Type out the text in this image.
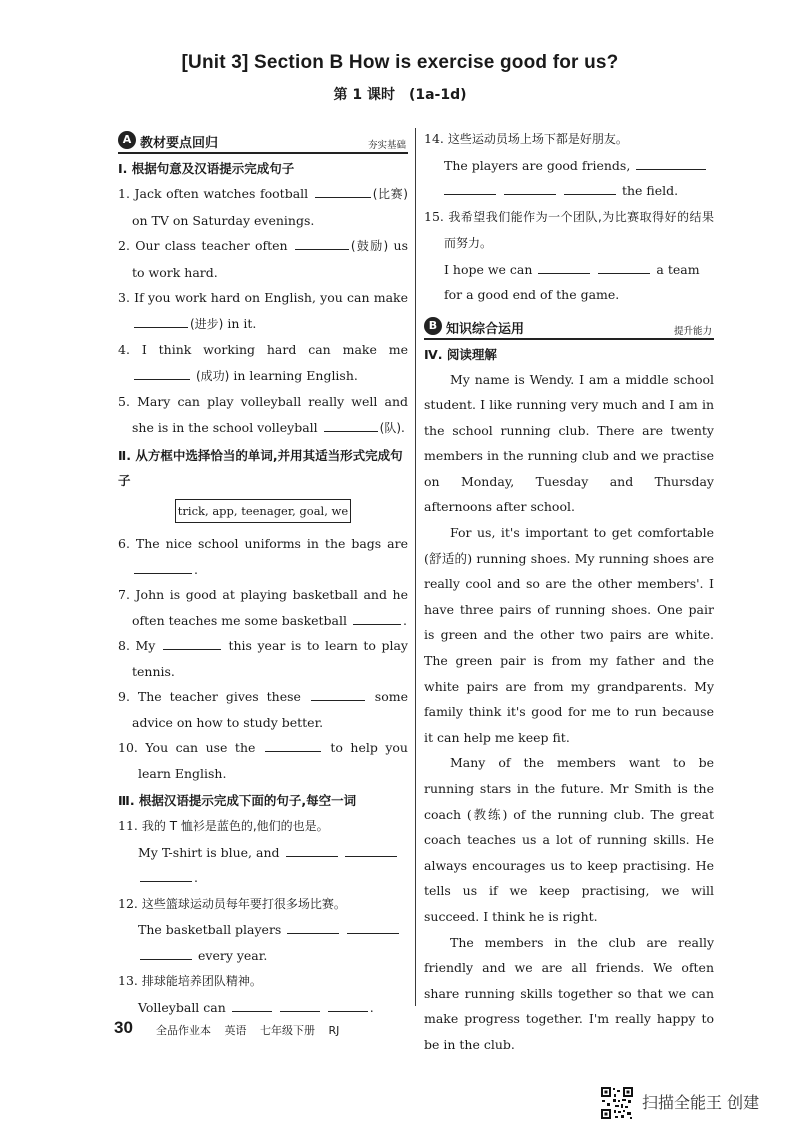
[Unit 3] Section B How is exercise good for us?
第 1 课时　(1a-1d)
A 教材要点回归	夯实基础
Ⅰ. 根据句意及汉语提示完成句子
1. Jack often watches football	(比赛) on TV on Saturday evenings.
2. Our class teacher often	(鼓励) us to work hard.
3. If you work hard on English, you can make (进步) in it.
4. I think working hard can make me  (成功) in learning English.
5. Mary can play volleyball really well and she is in the school volleyball	(队).
Ⅱ. 从方框中选择恰当的单词,并用其适当形式完成句子
trick, app, teenager, goal, we
6. The nice school uniforms in the bags are .
7. John is good at playing basketball and he often teaches me some basketball	.
8. My	this year is to learn to play tennis.
9. The teacher gives these	some advice on how to study better.
10. You can use the	to help you learn English.
Ⅲ. 根据汉语提示完成下面的句子,每空一词
11. 我的 T 恤衫是蓝色的,他们的也是。
My T-shirt is blue, and   .
12. 这些篮球运动员每年要打很多场比赛。
The basketball players    every year.
13. 排球能培养团队精神。
Volleyball can	.
14. 这些运动员场上场下都是好朋友。
The players are good friends,     the field.
15. 我希望我们能作为一个团队,为比赛取得好的结果而努力。
I hope we can	a team for a good end of the game.
B 知识综合运用	提升能力
Ⅳ. 阅读理解

My name is Wendy. I am a middle school student. I like running very much and I am in the school running club. There are twenty members in the running club and we practise on Monday, Tuesday and Thursday afternoons after school.

For us, it's important to get comfortable (舒适的) running shoes. My running shoes are really cool and so are the other members'. I have three pairs of running shoes. One pair is green and the other two pairs are white. The green pair is from my father and the white pairs are from my grandparents. My family think it's good for me to run because it can help me keep fit.

Many of the members want to be running stars in the future. Mr Smith is the coach (教练) of the running club. The great coach teaches us a lot of running skills. He always encourages us to keep practising. He tells us if we keep practising, we will succeed. I think he is right.

The members in the club are really friendly and we are all friends. We often share running skills together so that we can make progress together. I'm really happy to be in the club.

30 全品作业本 英语 七年级下册 RJ
扫描全能王 创建
